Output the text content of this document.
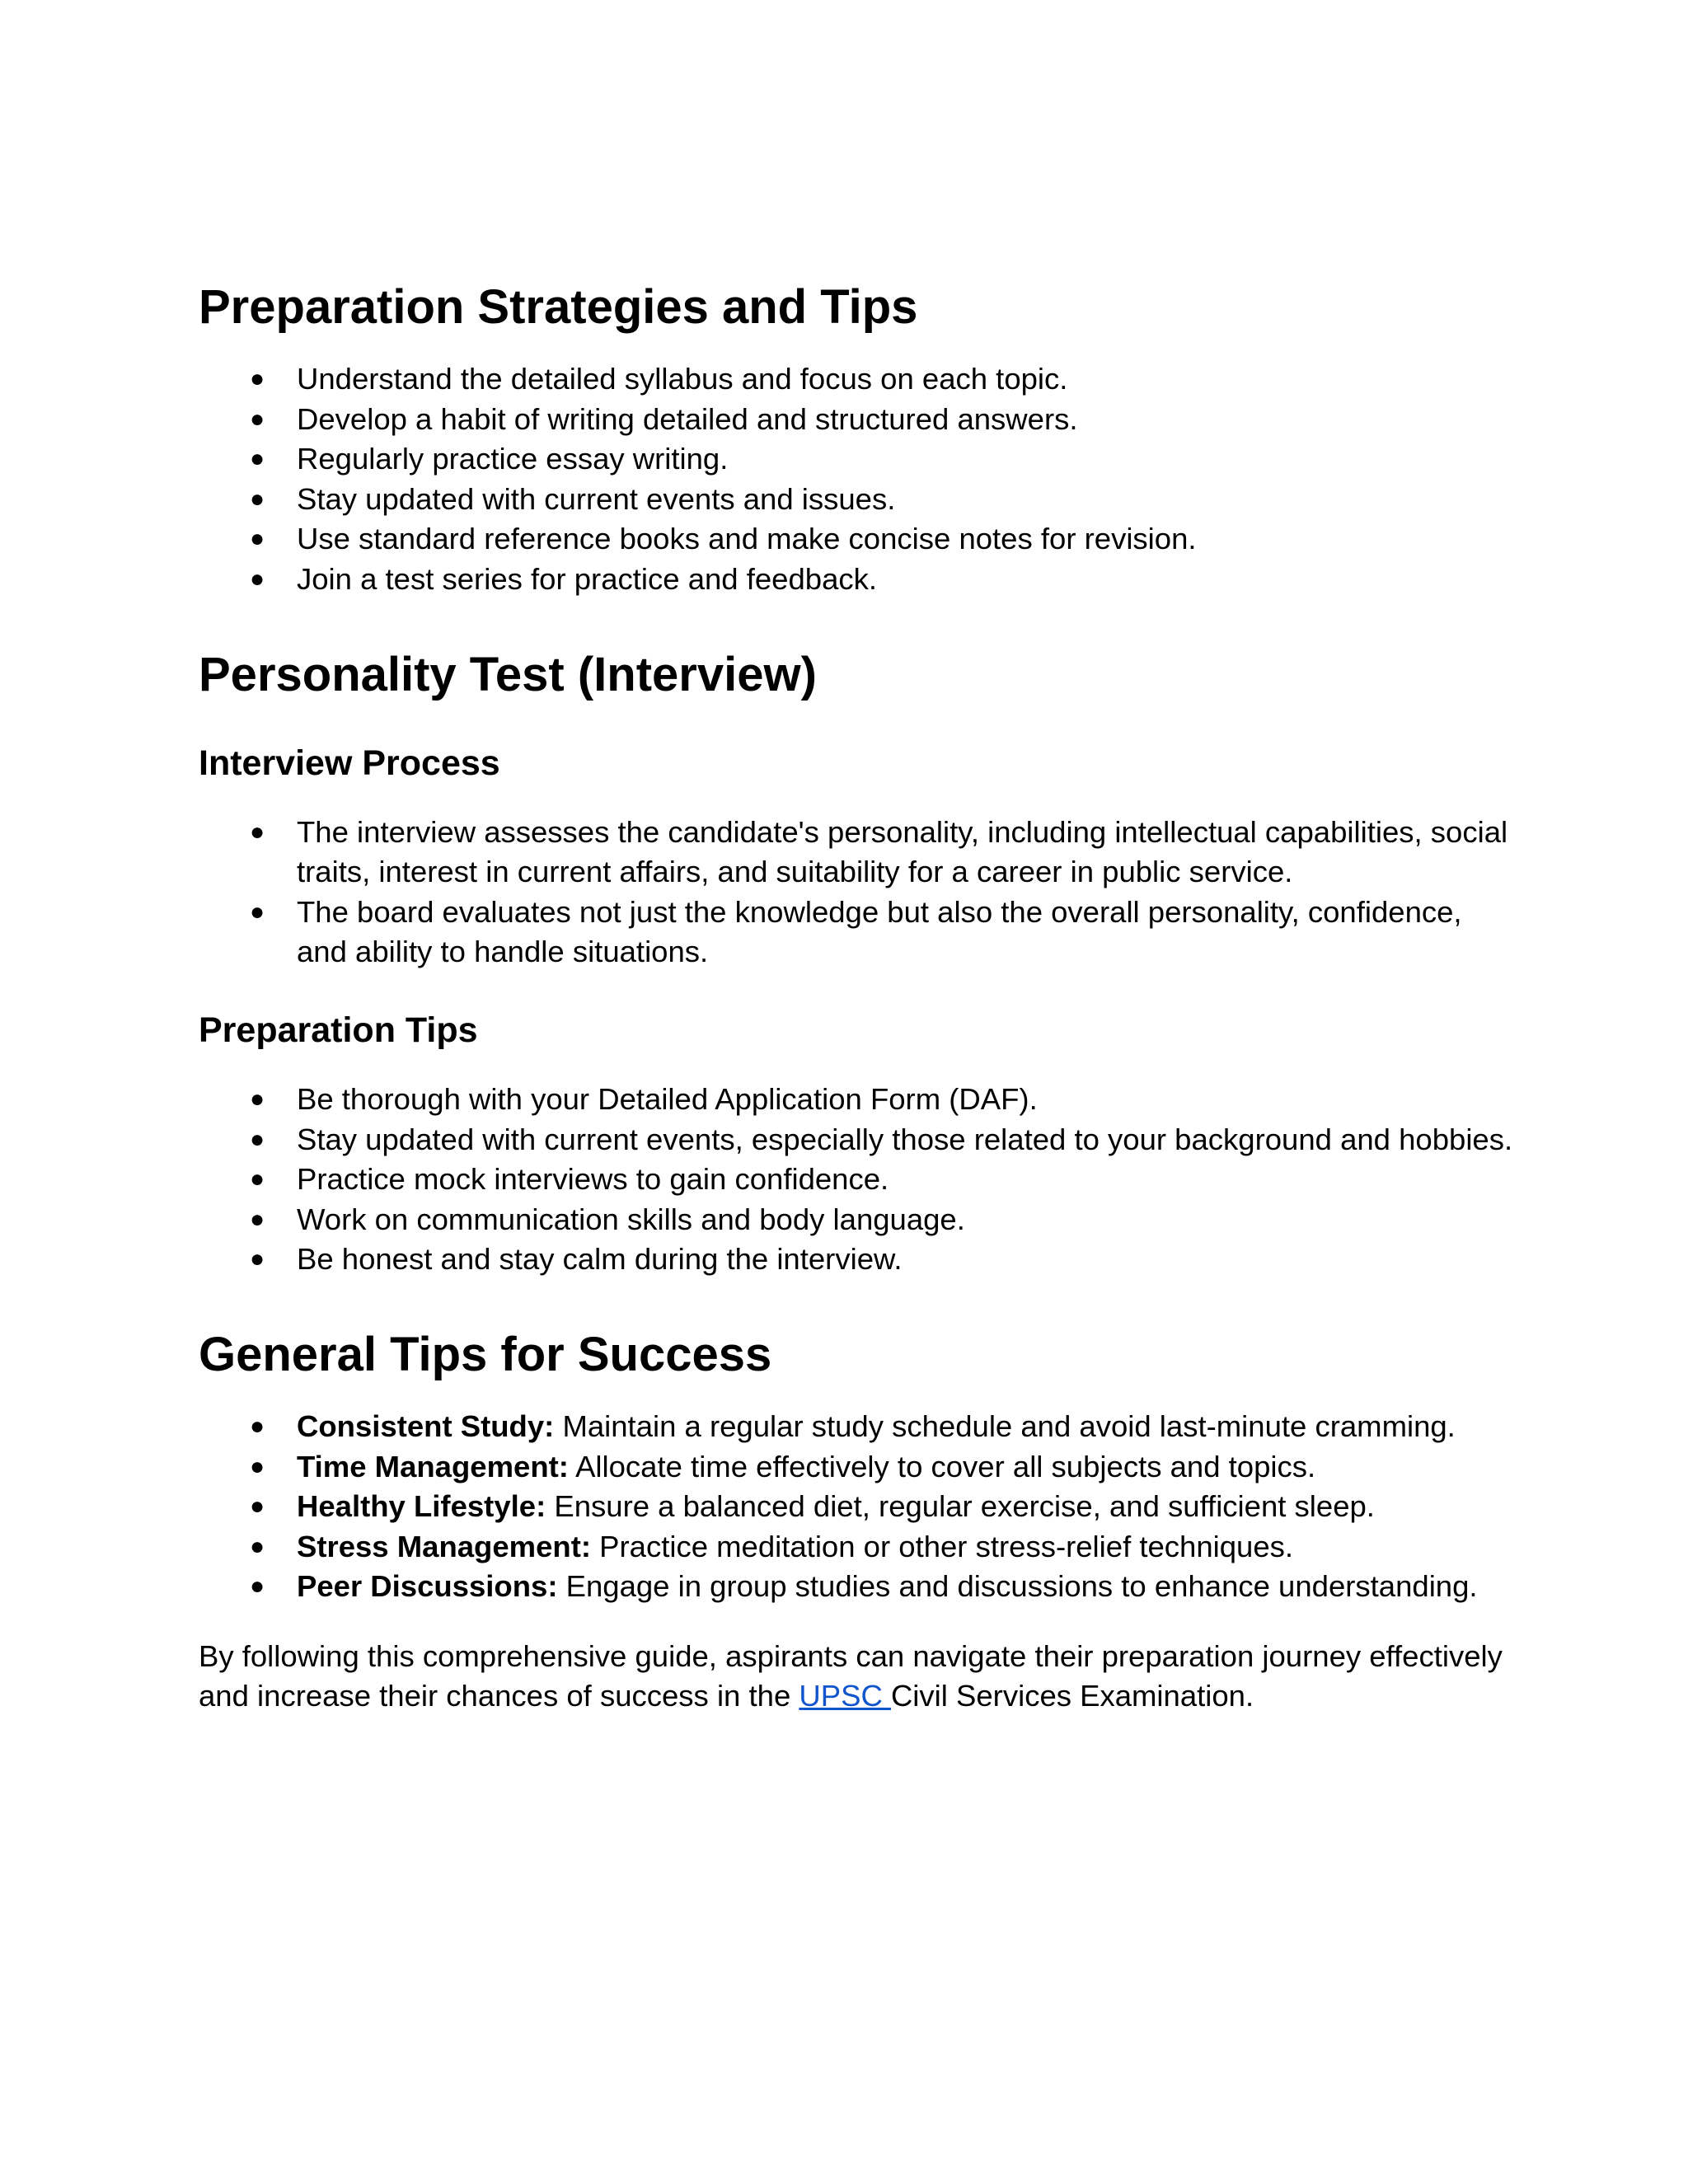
Preparation Strategies and Tips
● Understand the detailed syllabus and focus on each topic.
● Develop a habit of writing detailed and structured answers.
● Regularly practice essay writing.
● Stay updated with current events and issues.
● Use standard reference books and make concise notes for revision.
● Join a test series for practice and feedback.
Personality Test (Interview)
Interview Process
● The interview assesses the candidate's personality, including intellectual capabilities, social traits, interest in current affairs, and suitability for a career in public service.
● The board evaluates not just the knowledge but also the overall personality, confidence, and ability to handle situations.
Preparation Tips
● Be thorough with your Detailed Application Form (DAF).
● Stay updated with current events, especially those related to your background and hobbies.
● Practice mock interviews to gain confidence.
● Work on communication skills and body language.
● Be honest and stay calm during the interview.
General Tips for Success
● Consistent Study: Maintain a regular study schedule and avoid last-minute cramming.
● Time Management: Allocate time effectively to cover all subjects and topics.
● Healthy Lifestyle: Ensure a balanced diet, regular exercise, and sufficient sleep.
● Stress Management: Practice meditation or other stress-relief techniques.
● Peer Discussions: Engage in group studies and discussions to enhance understanding.

By following this comprehensive guide, aspirants can navigate their preparation journey effectively and increase their chances of success in the UPSC Civil Services Examination.
